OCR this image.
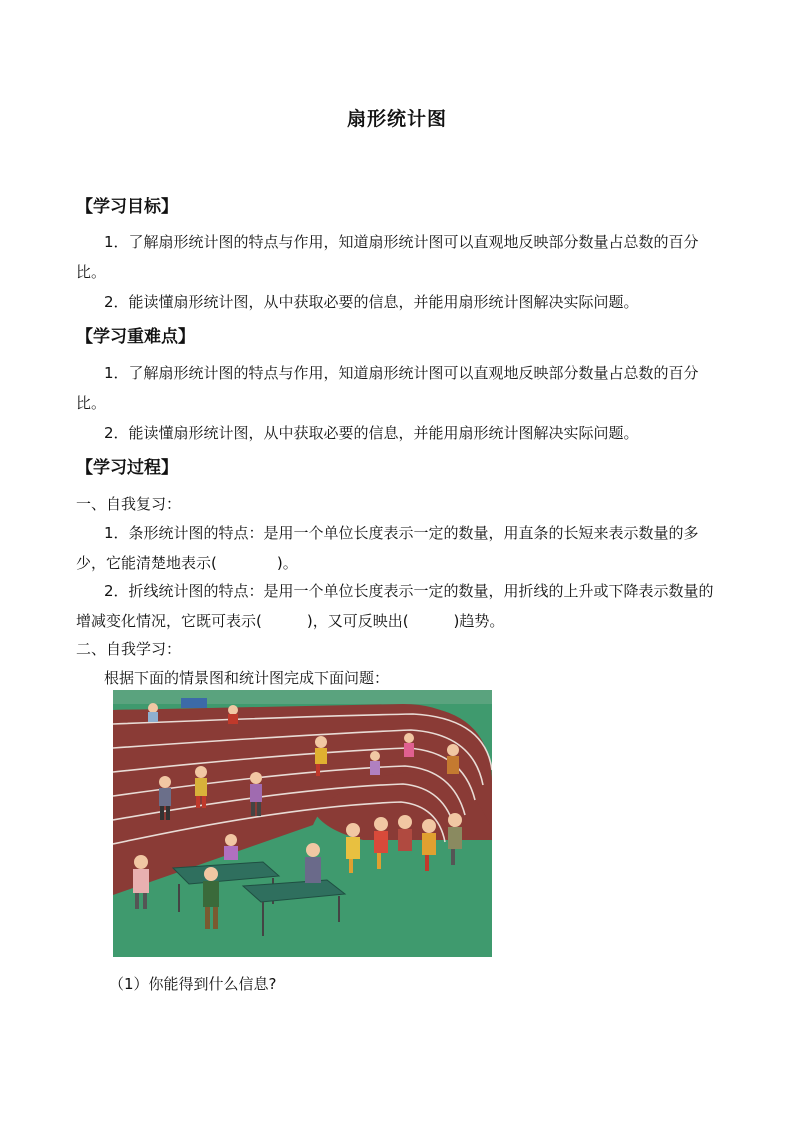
扇形统计图
【学习目标】
1．了解扇形统计图的特点与作用，知道扇形统计图可以直观地反映部分数量占总数的百分比。
2．能读懂扇形统计图，从中获取必要的信息，并能用扇形统计图解决实际问题。
【学习重难点】
1．了解扇形统计图的特点与作用，知道扇形统计图可以直观地反映部分数量占总数的百分比。
2．能读懂扇形统计图，从中获取必要的信息，并能用扇形统计图解决实际问题。
【学习过程】
一、自我复习：
1．条形统计图的特点：是用一个单位长度表示一定的数量，用直条的长短来表示数量的多少，它能清楚地表示(　　　　)。
2．折线统计图的特点：是用一个单位长度表示一定的数量，用折线的上升或下降表示数量的增减变化情况，它既可表示(　　　)，又可反映出(　　　)趋势。
二、自我学习：
根据下面的情景图和统计图完成下面问题：
（1）你能得到什么信息?
